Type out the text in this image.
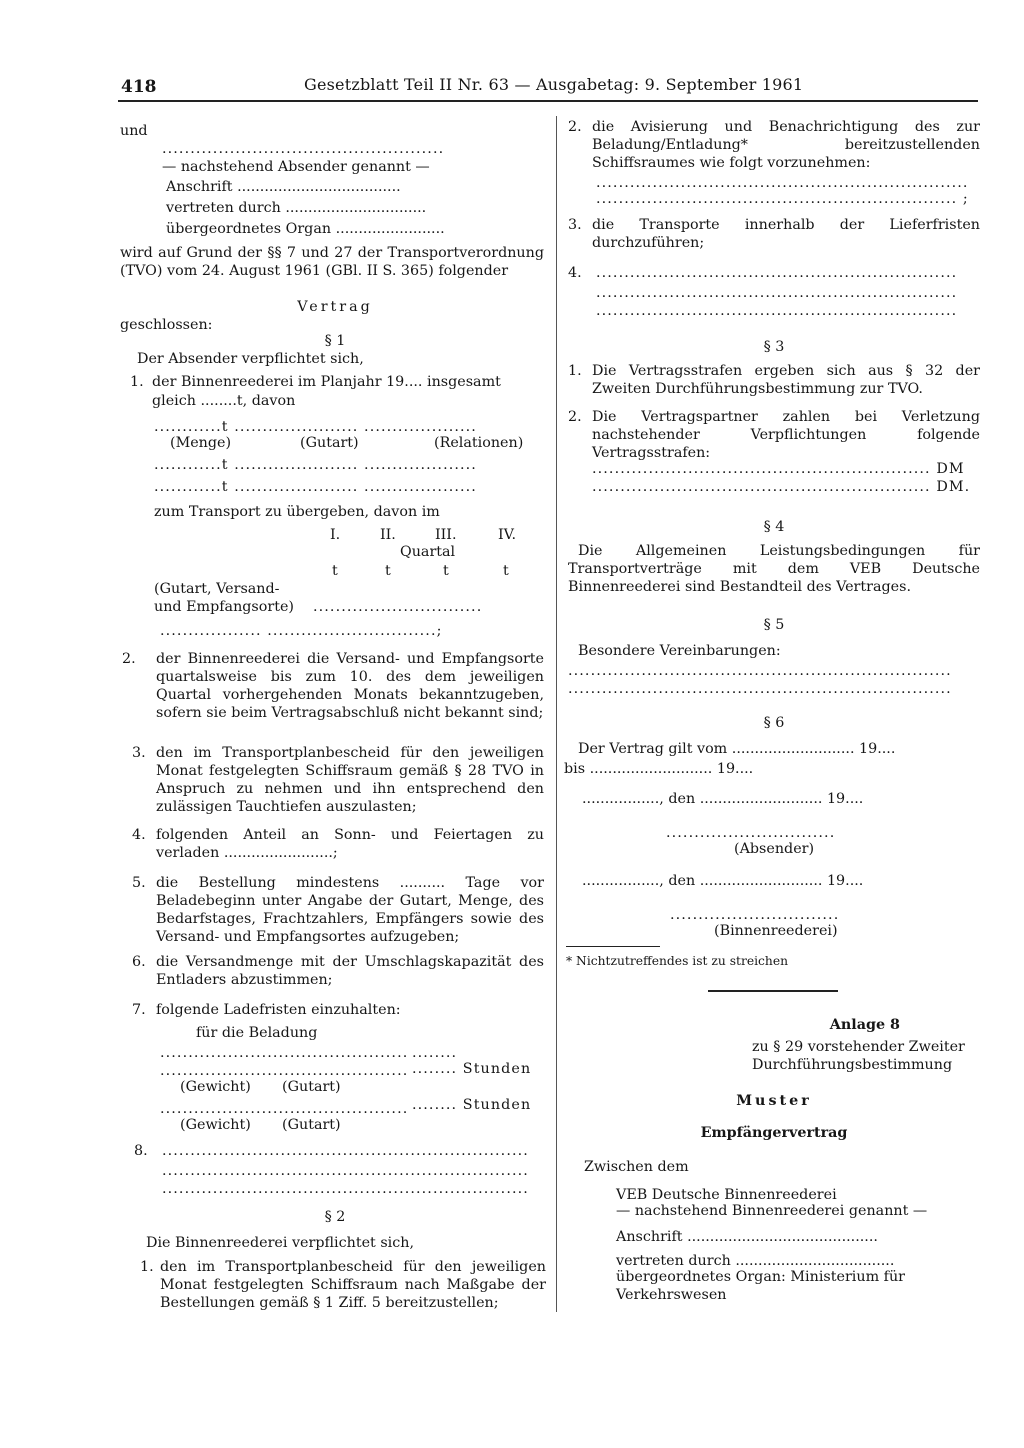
418	Gesetzblatt Teil II Nr. 63 — Ausgabetag: 9. September 1961
und
..................................................
— nachstehend Absender genannt —
Anschrift ....................................
vertreten durch ...............................
übergeordnetes Organ ........................
wird auf Grund der §§ 7 und 27 der Transportverordnung (TVO) vom 24. August 1961 (GBl. II S. 365) folgender
Vertrag
geschlossen:
§ 1
Der Absender verpflichtet sich,
1. der Binnenreederei im Planjahr 19.... insgesamt
gleich ........t, davon
............t ...................... ....................
(Menge)	(Gutart)	(Relationen)
............t ...................... ....................
............t ...................... ....................
zum Transport zu übergeben, davon im
I.	II.	III.	IV.
Quartal
t	t	t	t
(Gutart, Versand-
und Empfangsorte) ..............................
.................. ..............................;
2. der Binnenreederei die Versand- und Empfangsorte quartalsweise bis zum 10. des dem jeweiligen Quartal vorhergehenden Monats bekanntzugeben, sofern sie beim Vertragsabschluß nicht bekannt sind;
3. den im Transportplanbescheid für den jeweiligen Monat festgelegten Schiffsraum gemäß § 28 TVO in Anspruch zu nehmen und ihn entsprechend den zulässigen Tauchtiefen auszulasten;
4. folgenden Anteil an Sonn- und Feiertagen zu verladen ........................;
5. die Bestellung mindestens .......... Tage vor Beladebeginn unter Angabe der Gutart, Menge, des Bedarfstages, Frachtzahlers, Empfängers sowie des Versand- und Empfangsortes aufzugeben;
6. die Versandmenge mit der Umschlagskapazität des Entladers abzustimmen;
7. folgende Ladefristen einzuhalten:
für die Beladung
............................................ ........
............................................ ........ Stunden
(Gewicht) (Gutart)
............................................ ........ Stunden
(Gewicht) (Gutart)
8. .................................................................
.................................................................
.................................................................
§ 2
Die Binnenreederei verpflichtet sich,
1. den im Transportplanbescheid für den jeweiligen Monat festgelegten Schiffsraum nach Maßgabe der Bestellungen gemäß § 1 Ziff. 5 bereitzustellen;
2. die Avisierung und Benachrichtigung des zur Beladung/Entladung* bereitzustellenden Schiffsraumes wie folgt vorzunehmen:
..................................................................
................................................................ ;
3. die Transporte innerhalb der Lieferfristen durchzuführen;
4. ................................................................
................................................................
................................................................
§ 3
1. Die Vertragsstrafen ergeben sich aus § 32 der Zweiten Durchführungsbestimmung zur TVO.
2. Die Vertragspartner zahlen bei Verletzung nachstehender Verpflichtungen folgende Vertragsstrafen:
............................................................ DM
............................................................ DM.
§ 4
Die Allgemeinen Leistungsbedingungen für Transportverträge mit dem VEB Deutsche Binnenreederei sind Bestandteil des Vertrages.
§ 5
Besondere Vereinbarungen:
....................................................................
....................................................................
§ 6
Der Vertrag gilt vom ........................... 19....
bis ........................... 19....
................., den ........................... 19....
..............................
(Absender)
................., den ........................... 19....
..............................
(Binnenreederei)
* Nichtzutreffendes ist zu streichen
Anlage 8
zu § 29 vorstehender Zweiter Durchführungsbestimmung
Muster
Empfängervertrag
Zwischen dem
VEB Deutsche Binnenreederei
— nachstehend Binnenreederei genannt —
Anschrift ..........................................
vertreten durch ...................................
übergeordnetes Organ: Ministerium für Verkehrswesen
